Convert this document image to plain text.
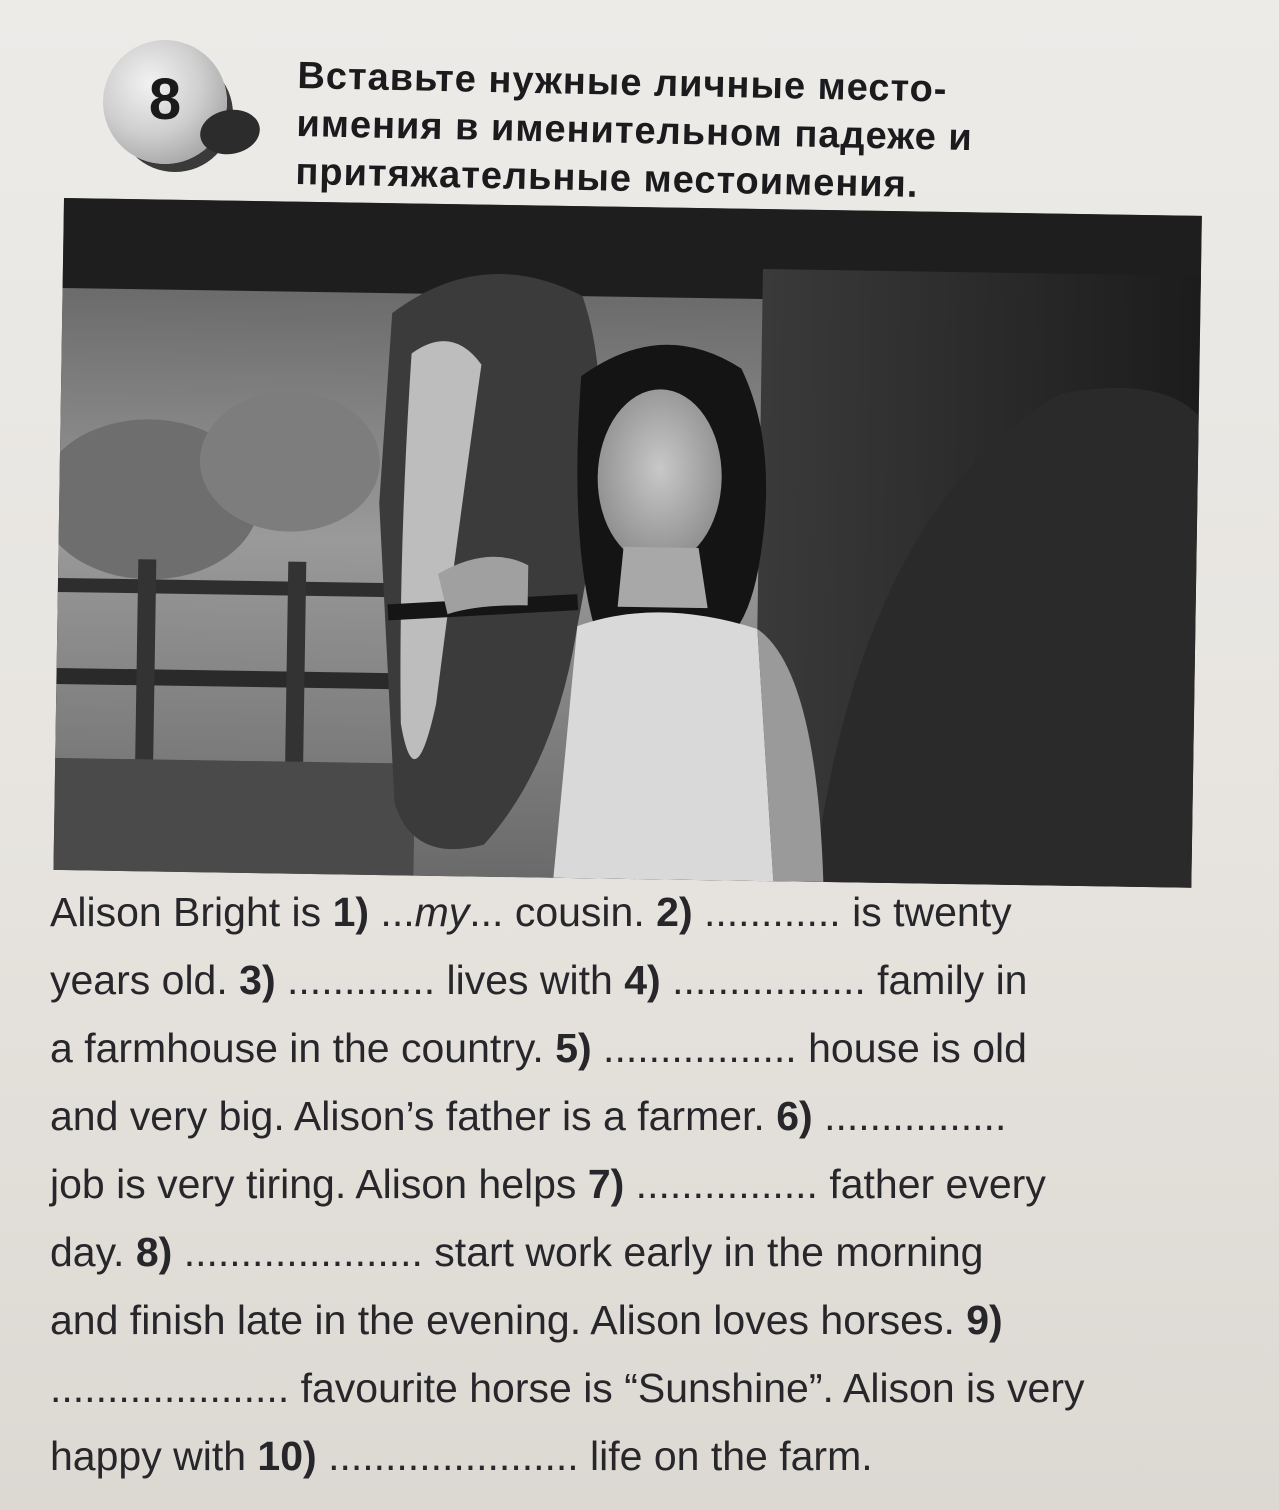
8	Вставьте нужные личные место-
имения в именительном падеже и
притяжательные местоимения.
Alison Bright is 1) ...my... cousin. 2) ............ is twenty
years old. 3) ............. lives with 4) ................. family in
a farmhouse in the country. 5) ................. house is old
and very big. Alison’s father is a farmer. 6) ................
job is very tiring. Alison helps 7) ................ father every
day. 8) ..................... start work early in the morning
and finish late in the evening. Alison loves horses. 9)
..................... favourite horse is “Sunshine”. Alison is very
happy with 10) ...................... life on the farm.
